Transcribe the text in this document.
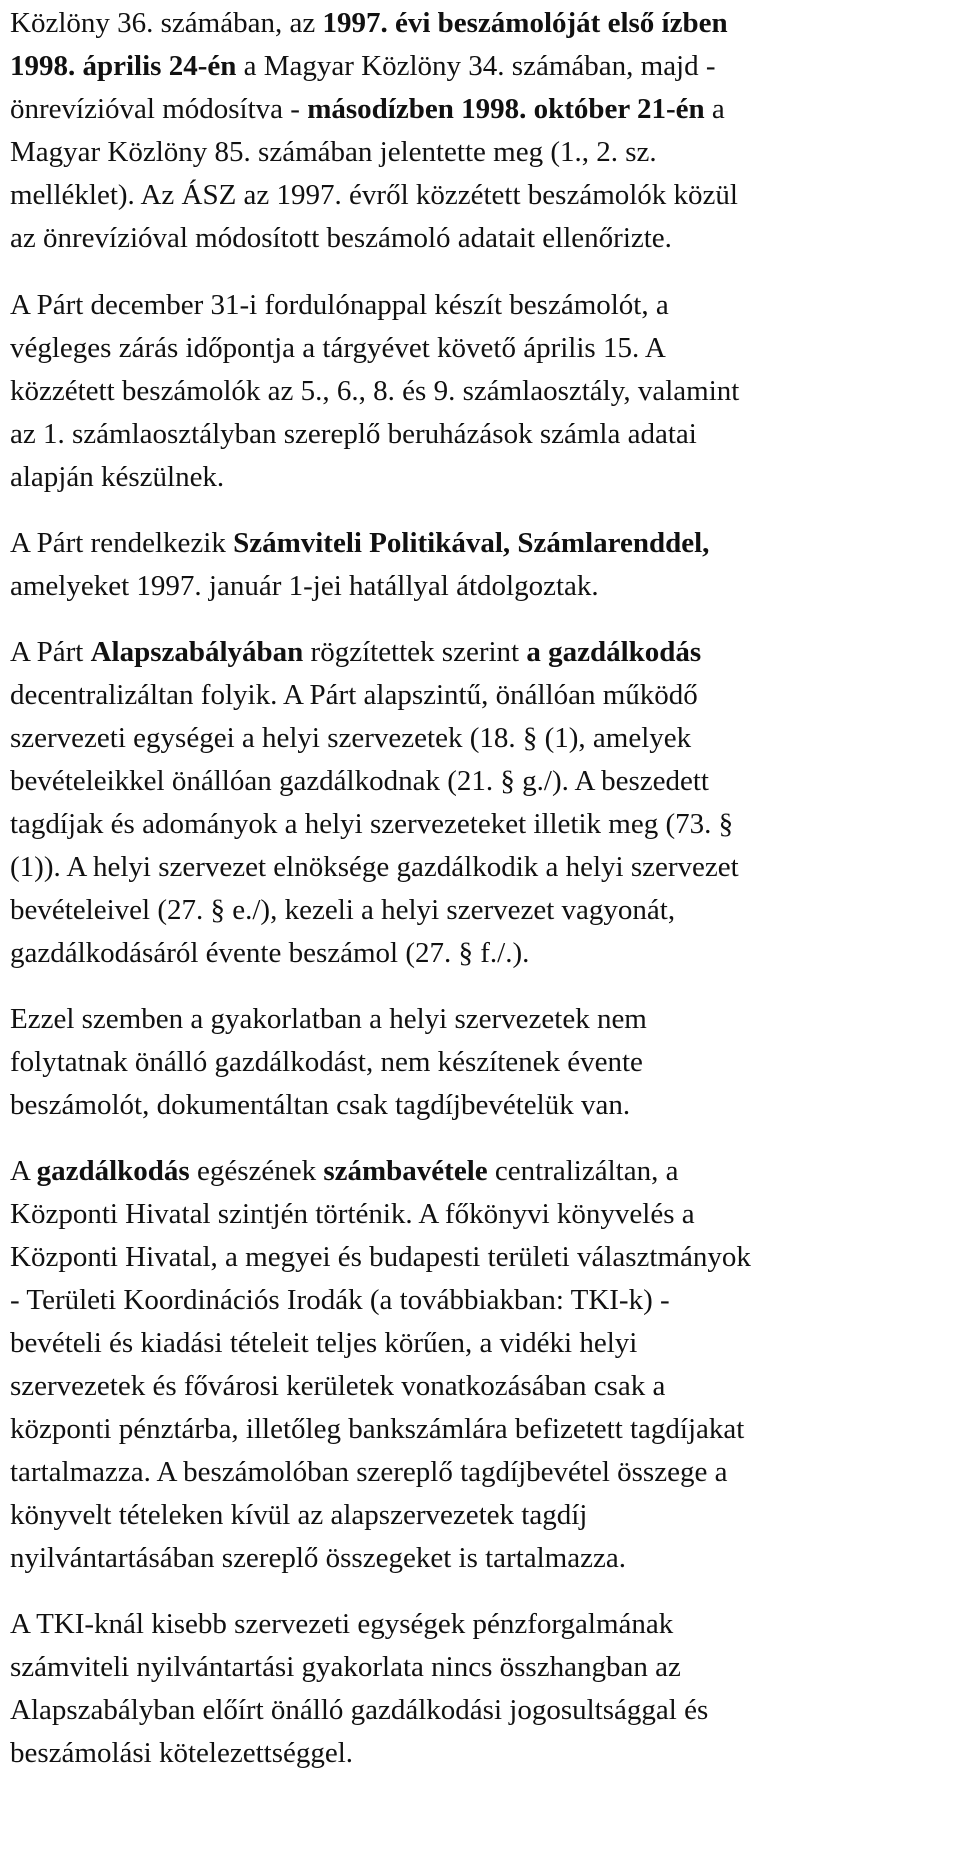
Közlöny 36. számában, az 1997. évi beszámolóját első ízben
1998. április 24-én a Magyar Közlöny 34. számában, majd -
önrevízióval módosítva - másodízben 1998. október 21-én a
Magyar Közlöny 85. számában jelentette meg (1., 2. sz.
melléklet). Az ÁSZ az 1997. évről közzétett beszámolók közül
az önrevízióval módosított beszámoló adatait ellenőrizte.
A Párt december 31-i fordulónappal készít beszámolót, a
végleges zárás időpontja a tárgyévet követő április 15. A
közzétett beszámolók az 5., 6., 8. és 9. számlaosztály, valamint
az 1. számlaosztályban szereplő beruházások számla adatai
alapján készülnek.
A Párt rendelkezik Számviteli Politikával, Számlarenddel,
amelyeket 1997. január 1-jei hatállyal átdolgoztak.
A Párt Alapszabályában rögzítettek szerint a gazdálkodás
decentralizáltan folyik. A Párt alapszintű, önállóan működő
szervezeti egységei a helyi szervezetek (18. § (1), amelyek
bevételeikkel önállóan gazdálkodnak (21. § g./). A beszedett
tagdíjak és adományok a helyi szervezeteket illetik meg (73. §
(1)). A helyi szervezet elnöksége gazdálkodik a helyi szervezet
bevételeivel (27. § e./), kezeli a helyi szervezet vagyonát,
gazdálkodásáról évente beszámol (27. § f./.).
Ezzel szemben a gyakorlatban a helyi szervezetek nem
folytatnak önálló gazdálkodást, nem készítenek évente
beszámolót, dokumentáltan csak tagdíjbevételük van.
A gazdálkodás egészének számbavétele centralizáltan, a
Központi Hivatal szintjén történik. A főkönyvi könyvelés a
Központi Hivatal, a megyei és budapesti területi választmányok
- Területi Koordinációs Irodák (a továbbiakban: TKI-k) -
bevételi és kiadási tételeit teljes körűen, a vidéki helyi
szervezetek és fővárosi kerületek vonatkozásában csak a
központi pénztárba, illetőleg bankszámlára befizetett tagdíjakat
tartalmazza. A beszámolóban szereplő tagdíjbevétel összege a
könyvelt tételeken kívül az alapszervezetek tagdíj
nyilvántartásában szereplő összegeket is tartalmazza.
A TKI-knál kisebb szervezeti egységek pénzforgalmának
számviteli nyilvántartási gyakorlata nincs összhangban az
Alapszabályban előírt önálló gazdálkodási jogosultsággal és
beszámolási kötelezettséggel.
